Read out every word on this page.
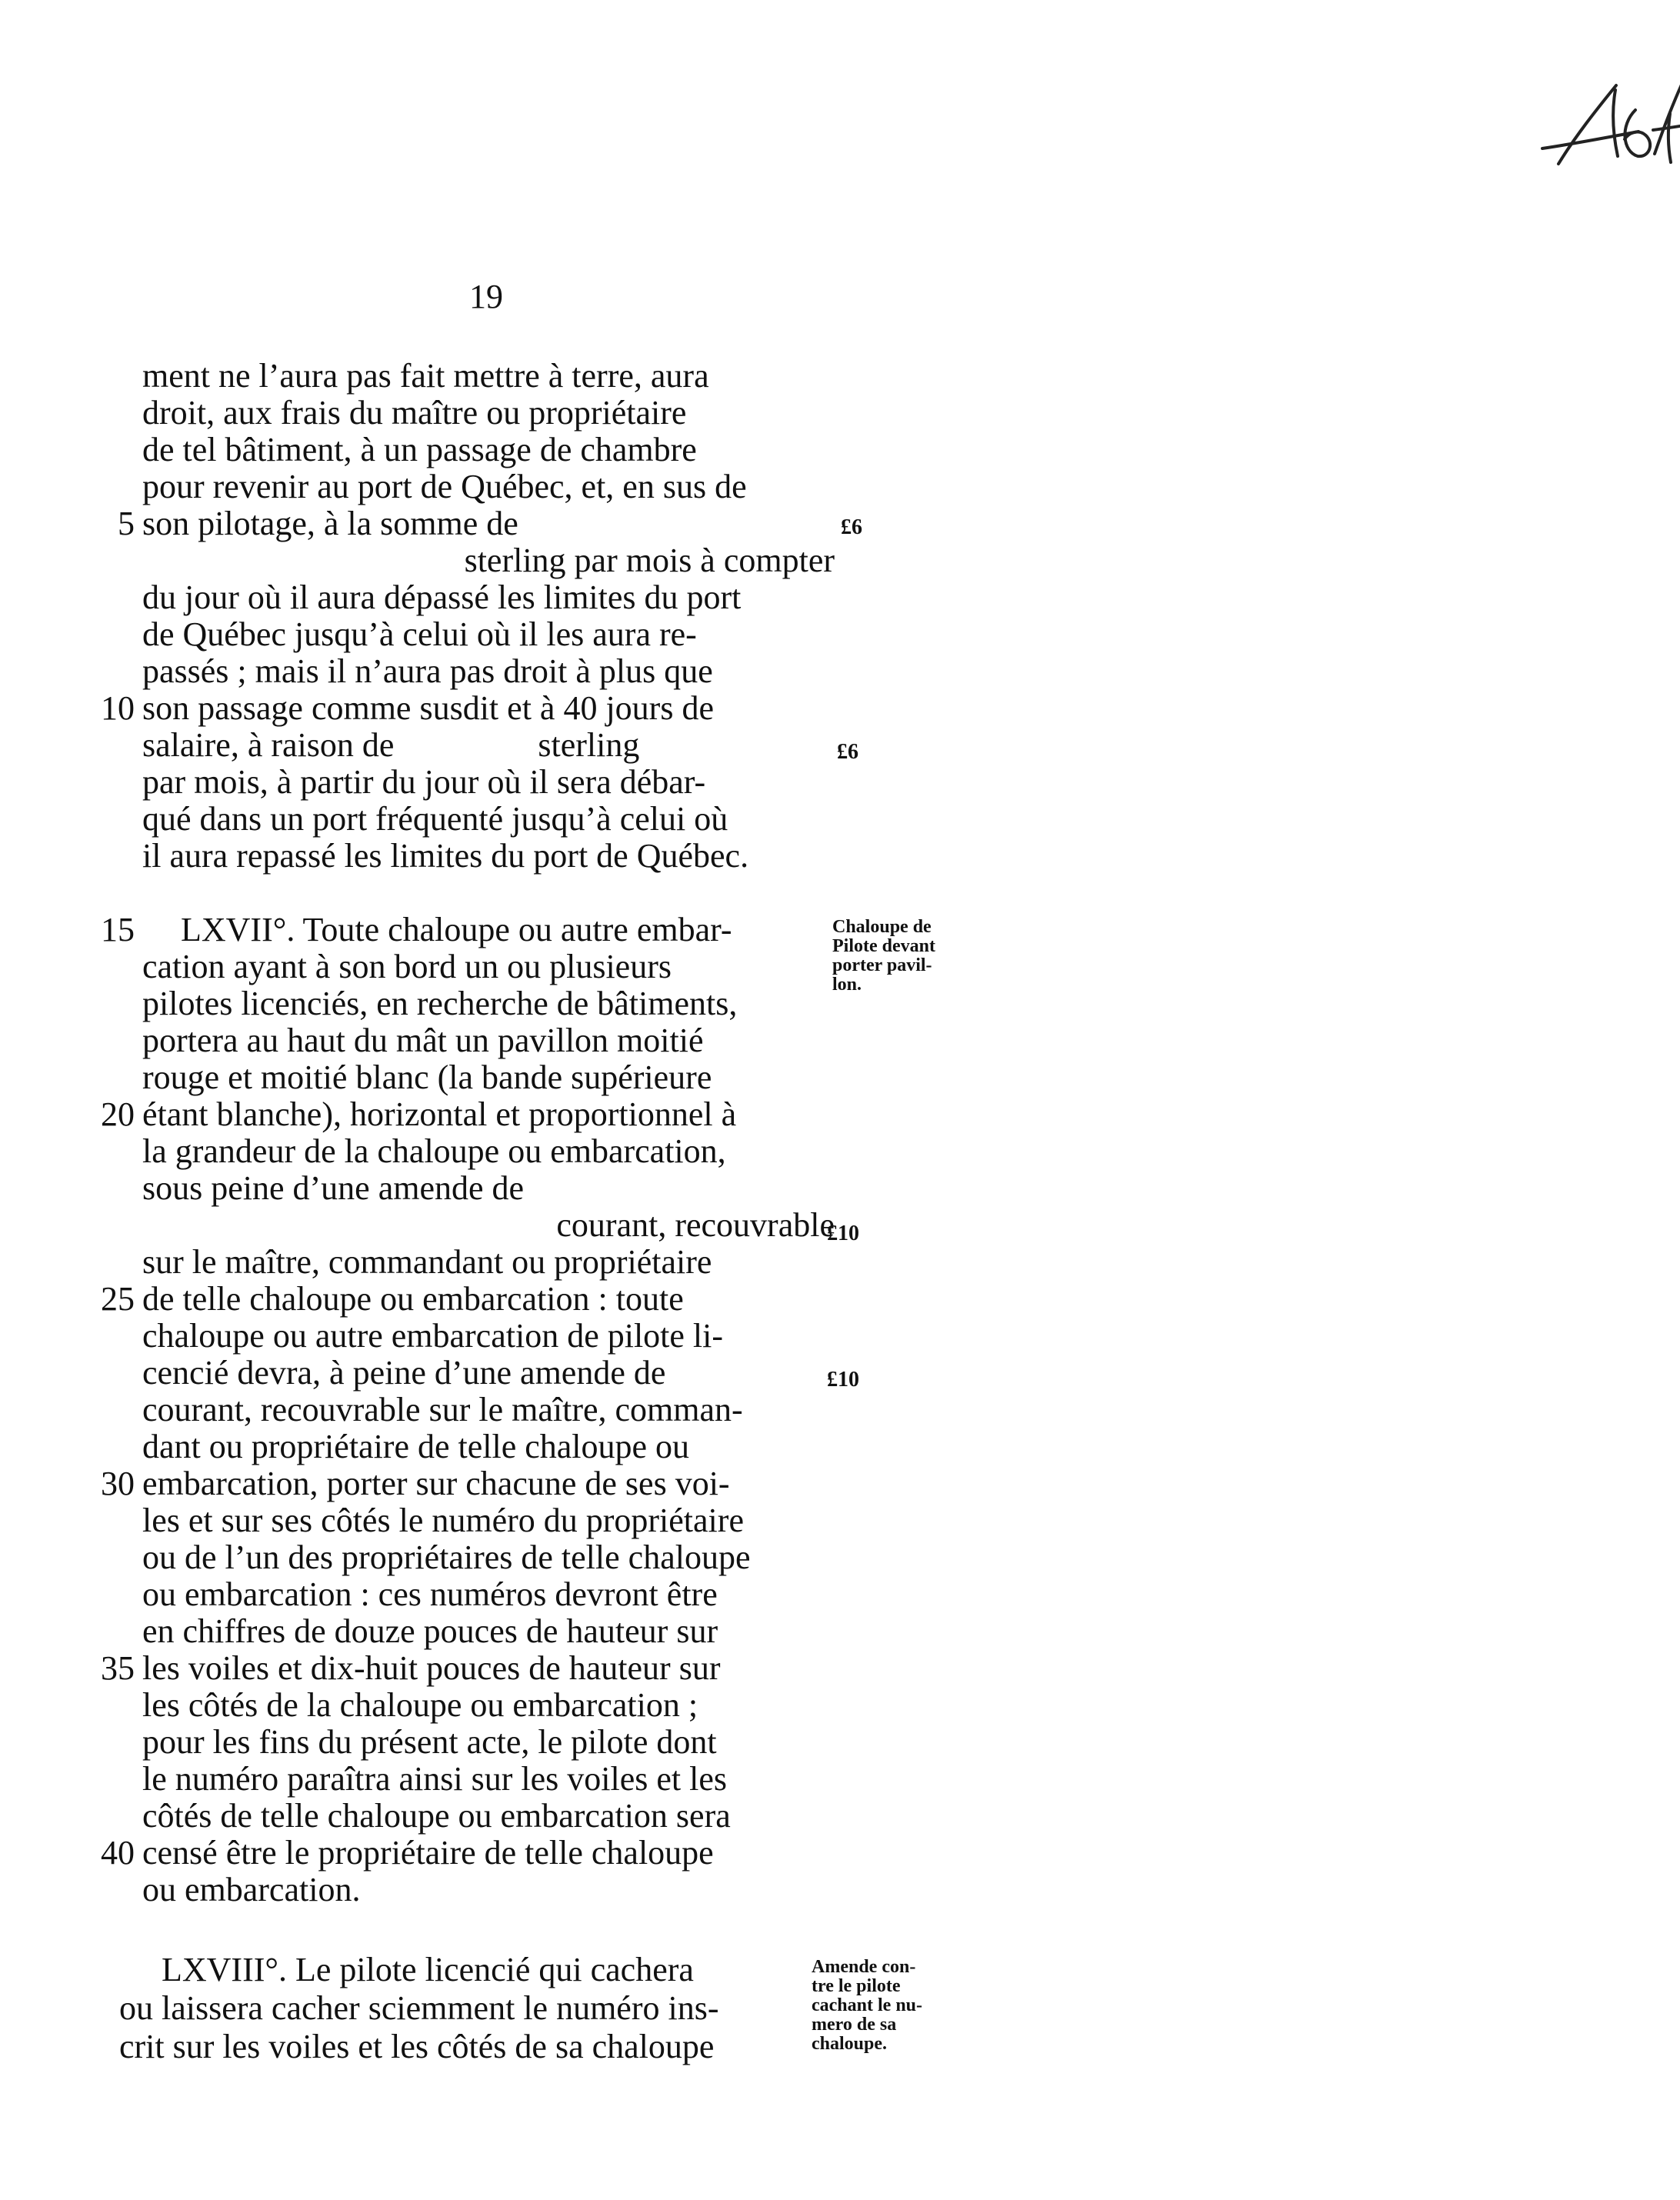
19
ment ne l’aura pas fait mettre à terre, aura
droit, aux frais du maître ou propriétaire
de tel bâtiment, à un passage de chambre
pour revenir au port de Québec, et, en sus de
son pilotage, à la somme de
sterling par mois à compter
du jour où il aura dépassé les limites du port
de Québec jusqu’à celui où il les aura re-
passés ; mais il n’aura pas droit à plus que
son passage comme susdit et à 40 jours de
salaire, à raison de                 sterling
par mois, à partir du jour où il sera débar-
qué dans un port fréquenté jusqu’à celui où
il aura repassé les limites du port de Québec.
LXVII°. Toute chaloupe ou autre embar-
cation ayant à son bord un ou plusieurs
pilotes licenciés, en recherche de bâtiments,
portera au haut du mât un pavillon moitié
rouge et moitié blanc (la bande supérieure
étant blanche), horizontal et proportionnel à
la grandeur de la chaloupe ou embarcation,
sous peine d’une amende de
courant, recouvrable
sur le maître, commandant ou propriétaire
de telle chaloupe ou embarcation : toute
chaloupe ou autre embarcation de pilote li-
cencié devra, à peine d’une amende de
courant, recouvrable sur le maître, comman-
dant ou propriétaire de telle chaloupe ou
embarcation, porter sur chacune de ses voi-
les et sur ses côtés le numéro du propriétaire
ou de l’un des propriétaires de telle chaloupe
ou embarcation : ces numéros devront être
en chiffres de douze pouces de hauteur sur
les voiles et dix-huit pouces de hauteur sur
les côtés de la chaloupe ou embarcation ;
pour les fins du présent acte, le pilote dont
le numéro paraîtra ainsi sur les voiles et les
côtés de telle chaloupe ou embarcation sera
censé être le propriétaire de telle chaloupe
ou embarcation.
LXVIII°. Le pilote licencié qui cachera
ou laissera cacher sciemment le numéro ins-
crit sur les voiles et les côtés de sa chaloupe
5
10
15
20
25
30
35
40
£6
£6
£10
£10
Chaloupe de
Pilote devant
porter pavil-
lon.
Amende con-
tre le pilote
cachant le nu-
mero de sa
chaloupe.
